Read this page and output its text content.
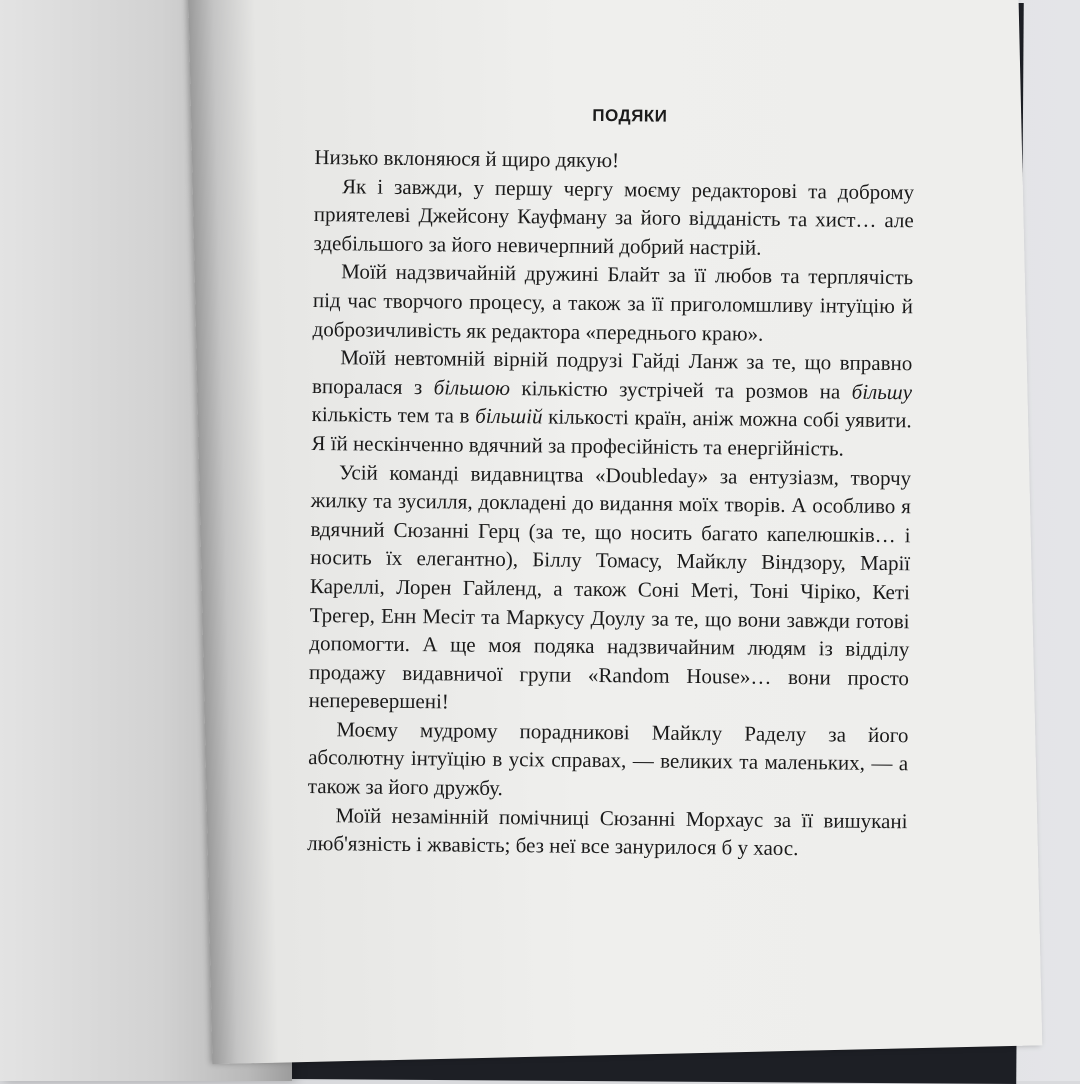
ПОДЯКИ

Низько вклоняюся й щиро дякую!

Як і завжди, у першу чергу моєму редакторові та доброму приятелеві Джейсону Кауфману за його відданість та хист… але здебільшого за його невичерпний добрий настрій.

Моїй надзвичайній дружині Блайт за її любов та терплячість під час творчого процесу, а також за її приголомшливу інтуїцію й доброзичливість як редактора «переднього краю».

Моїй невтомній вірній подрузі Гайді Ланж за те, що вправно впоралася з більшою кількістю зустрічей та розмов на більшу кількість тем та в більшій кількості країн, аніж можна собі уявити. Я їй нескінченно вдячний за професійність та енергійність.

Усій команді видавництва «Doubleday» за ентузіазм, творчу жилку та зусилля, докладені до видання моїх творів. А особливо я вдячний Сюзанні Герц (за те, що носить багато капелюшків… і носить їх елегантно), Біллу Томасу, Майклу Віндзору, Марії Кареллі, Лорен Гайленд, а також Соні Меті, Тоні Чіріко, Кеті Трегер, Енн Месіт та Маркусу Доулу за те, що вони завжди готові допомогти. А ще моя подяка надзвичайним людям із відділу продажу видавничої групи «Random House»… вони просто неперевершені!

Моєму мудрому порадникові Майклу Раделу за його абсолютну інтуїцію в усіх справах, — великих та маленьких, — а також за його дружбу.

Моїй незамінній помічниці Сюзанні Морхаус за її вишукані люб'язність і жвавість; без неї все занурилося б у хаос.
